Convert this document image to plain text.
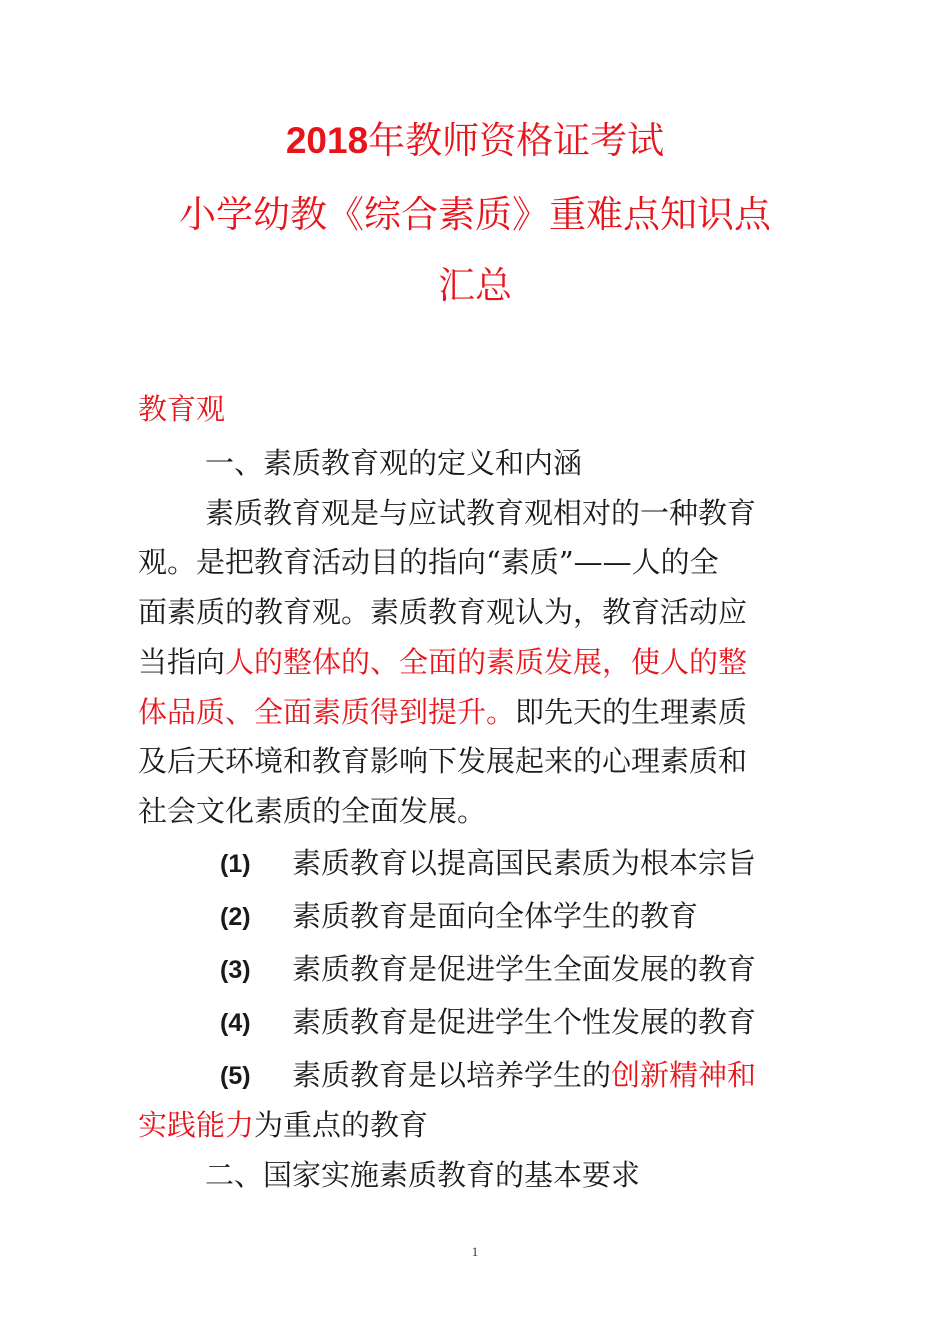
2018年教师资格证考试
小学幼教《综合素质》重难点知识点
汇总
教育观
一、素质教育观的定义和内涵
素质教育观是与应试教育观相对的一种教育
观。是把教育活动目的指向“素质”——人的全
面素质的教育观。素质教育观认为，教育活动应
当指向人的整体的、全面的素质发展，使人的整
体品质、全面素质得到提升。即先天的生理素质
及后天环境和教育影响下发展起来的心理素质和
社会文化素质的全面发展。
(1) 素质教育以提高国民素质为根本宗旨
(2) 素质教育是面向全体学生的教育
(3) 素质教育是促进学生全面发展的教育
(4) 素质教育是促进学生个性发展的教育
(5) 素质教育是以培养学生的创新精神和
实践能力为重点的教育
二、国家实施素质教育的基本要求
1
